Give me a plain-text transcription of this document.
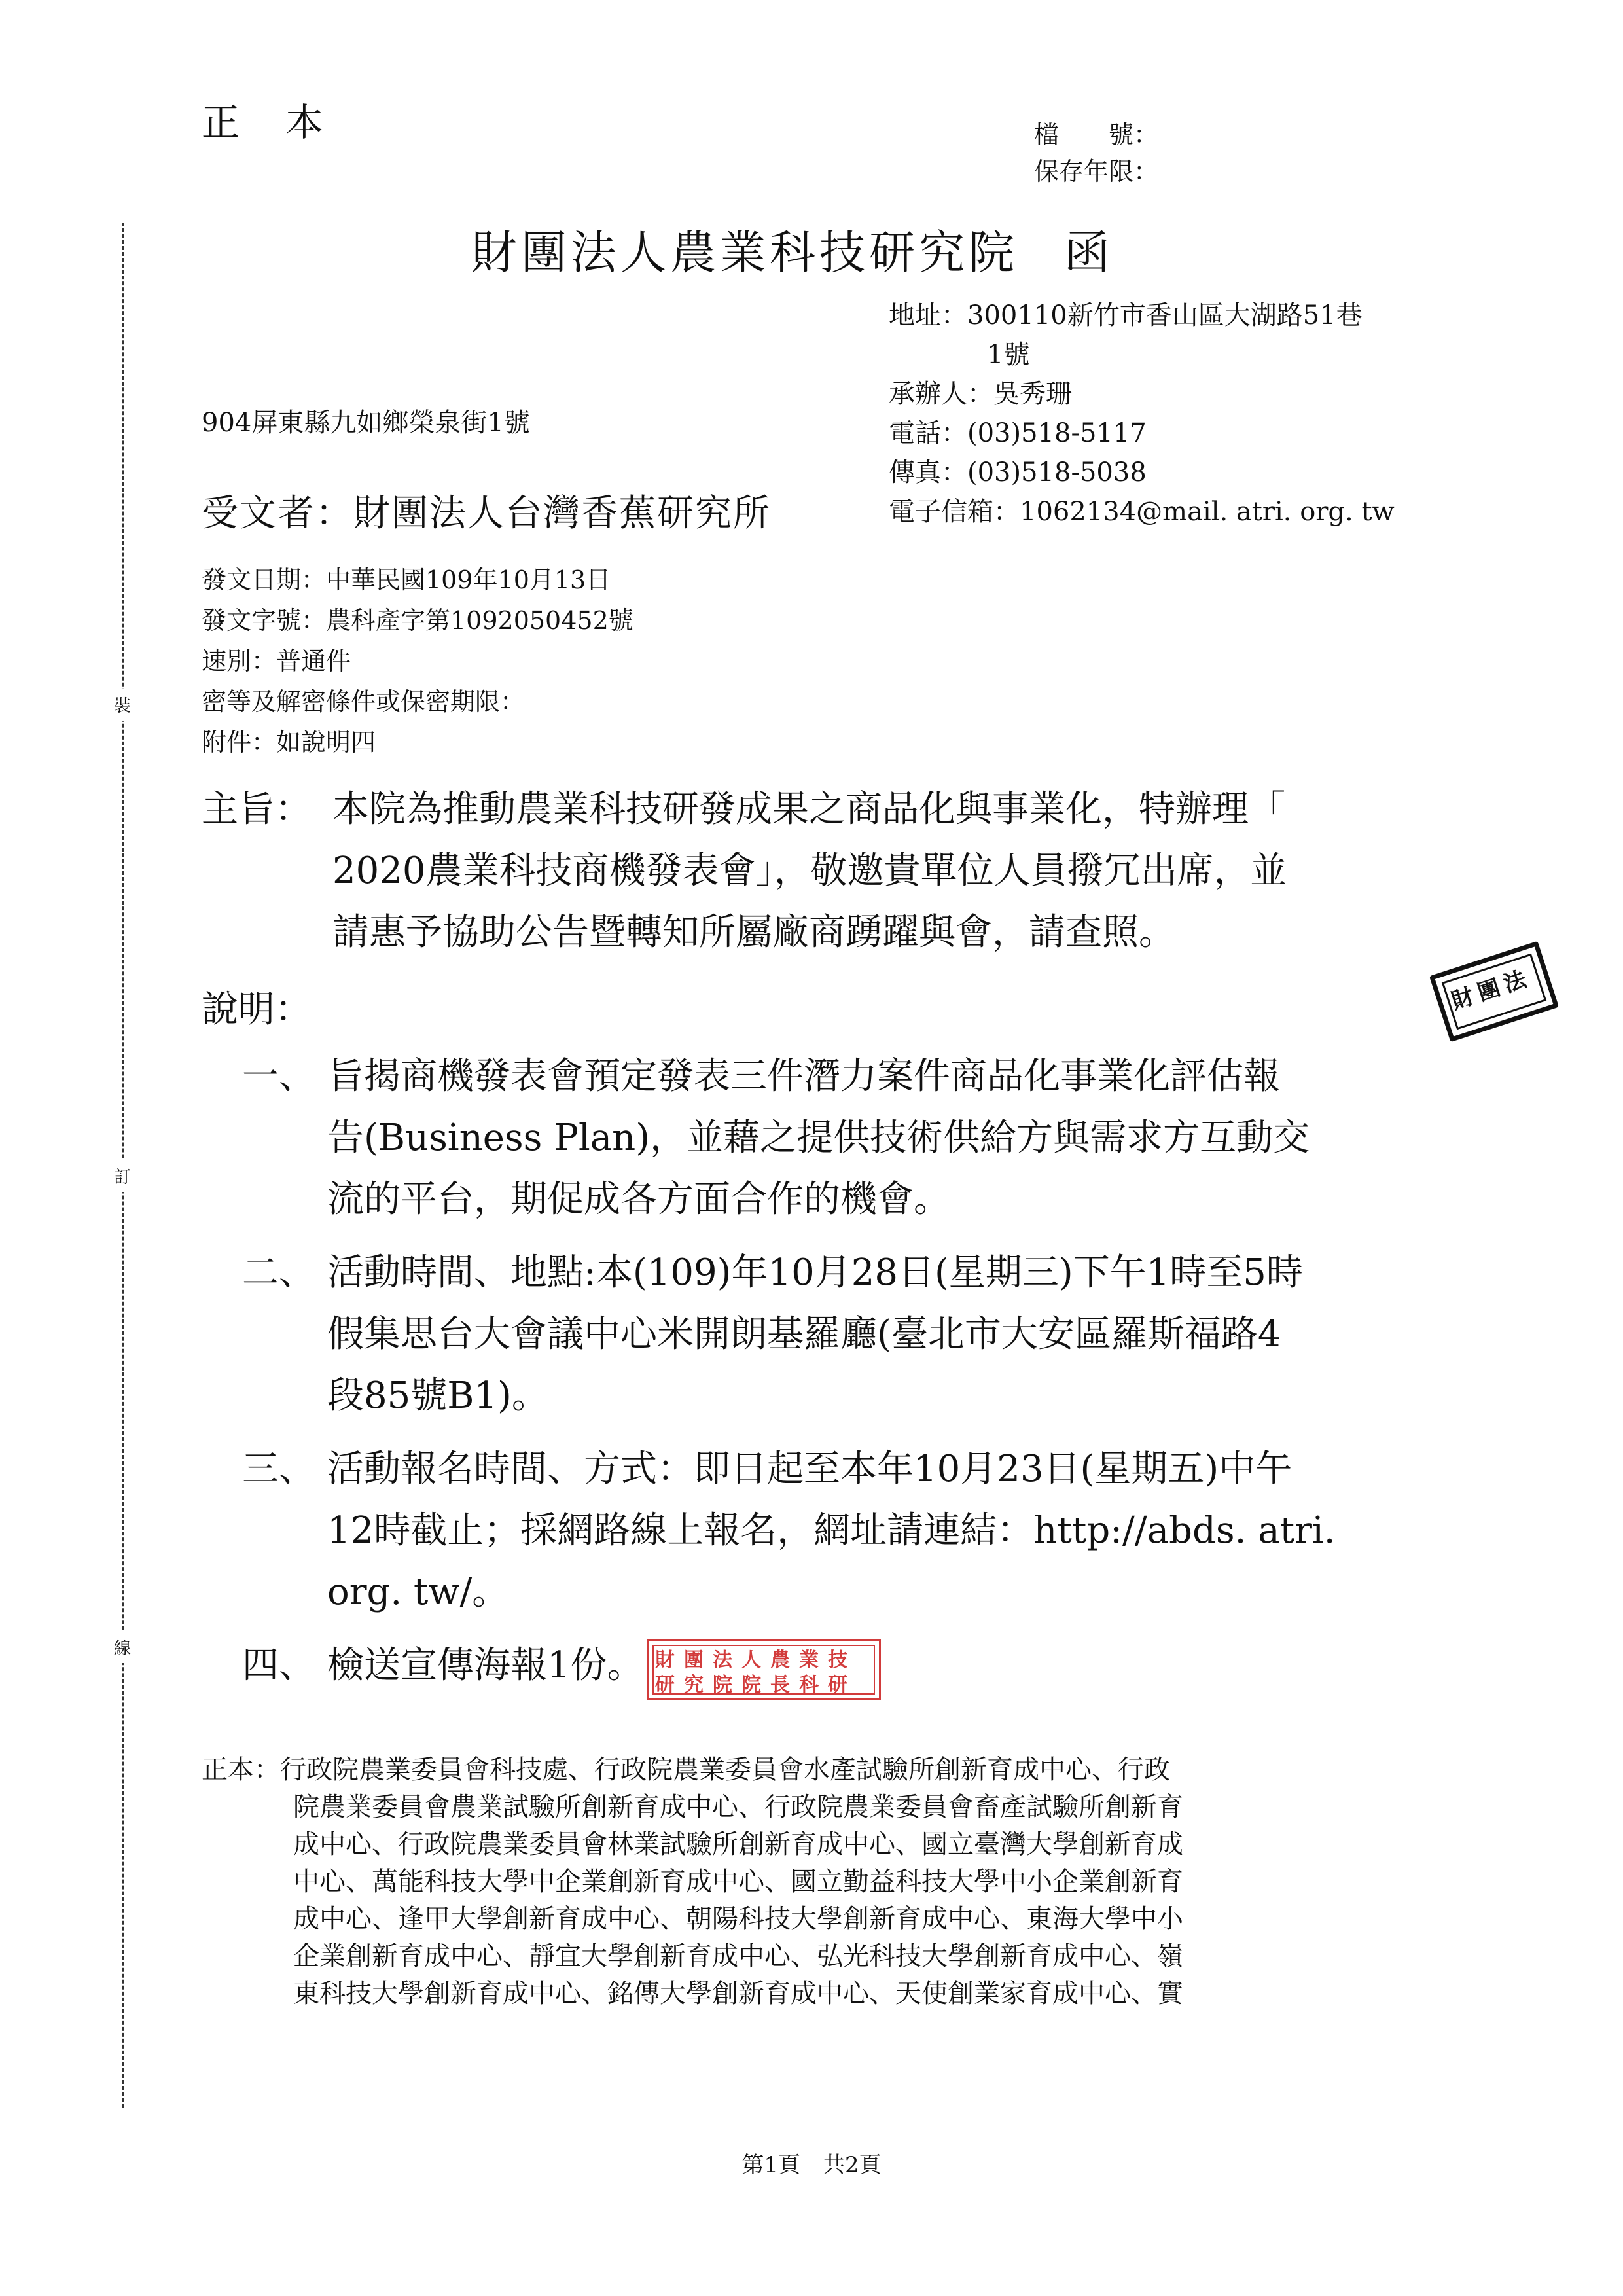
正本	檔　　號：
保存年限：
裝
訂
線
財團法人農業科技研究院 函
地址：300110新竹市香山區大湖路51巷
1號
承辦人：吳秀珊
電話：(03)518-5117
傳真：(03)518-5038
電子信箱：1062134@mail. atri. org. tw
904屏東縣九如鄉榮泉街1號
受文者：財團法人台灣香蕉研究所
發文日期：中華民國109年10月13日
發文字號：農科產字第1092050452號
速別：普通件
密等及解密條件或保密期限：
附件：如說明四
主旨： 本院為推動農業科技研發成果之商品化與事業化，特辦理「
2020農業科技商機發表會」，敬邀貴單位人員撥冗出席，並
請惠予協助公告暨轉知所屬廠商踴躍與會，請查照。
說明：
一、 旨揭商機發表會預定發表三件潛力案件商品化事業化評估報
告(Business Plan)，並藉之提供技術供給方與需求方互動交
流的平台，期促成各方面合作的機會。
二、 活動時間、地點:本(109)年10月28日(星期三)下午1時至5時
假集思台大會議中心米開朗基羅廳(臺北市大安區羅斯福路4
段85號B1)。
三、 活動報名時間、方式：即日起至本年10月23日(星期五)中午
12時截止；採網路線上報名，網址請連結：http://abds. atri.
org. tw/。
四、 檢送宣傳海報1份。
財
團
法
財
研
團
究
法
院
人
院
農
長
業
科
技
研
正本：行政院農業委員會科技處、行政院農業委員會水產試驗所創新育成中心、行政
院農業委員會農業試驗所創新育成中心、行政院農業委員會畜產試驗所創新育
成中心、行政院農業委員會林業試驗所創新育成中心、國立臺灣大學創新育成
中心、萬能科技大學中企業創新育成中心、國立勤益科技大學中小企業創新育
成中心、逢甲大學創新育成中心、朝陽科技大學創新育成中心、東海大學中小
企業創新育成中心、靜宜大學創新育成中心、弘光科技大學創新育成中心、嶺
東科技大學創新育成中心、銘傳大學創新育成中心、天使創業家育成中心、實
第1頁　共2頁
